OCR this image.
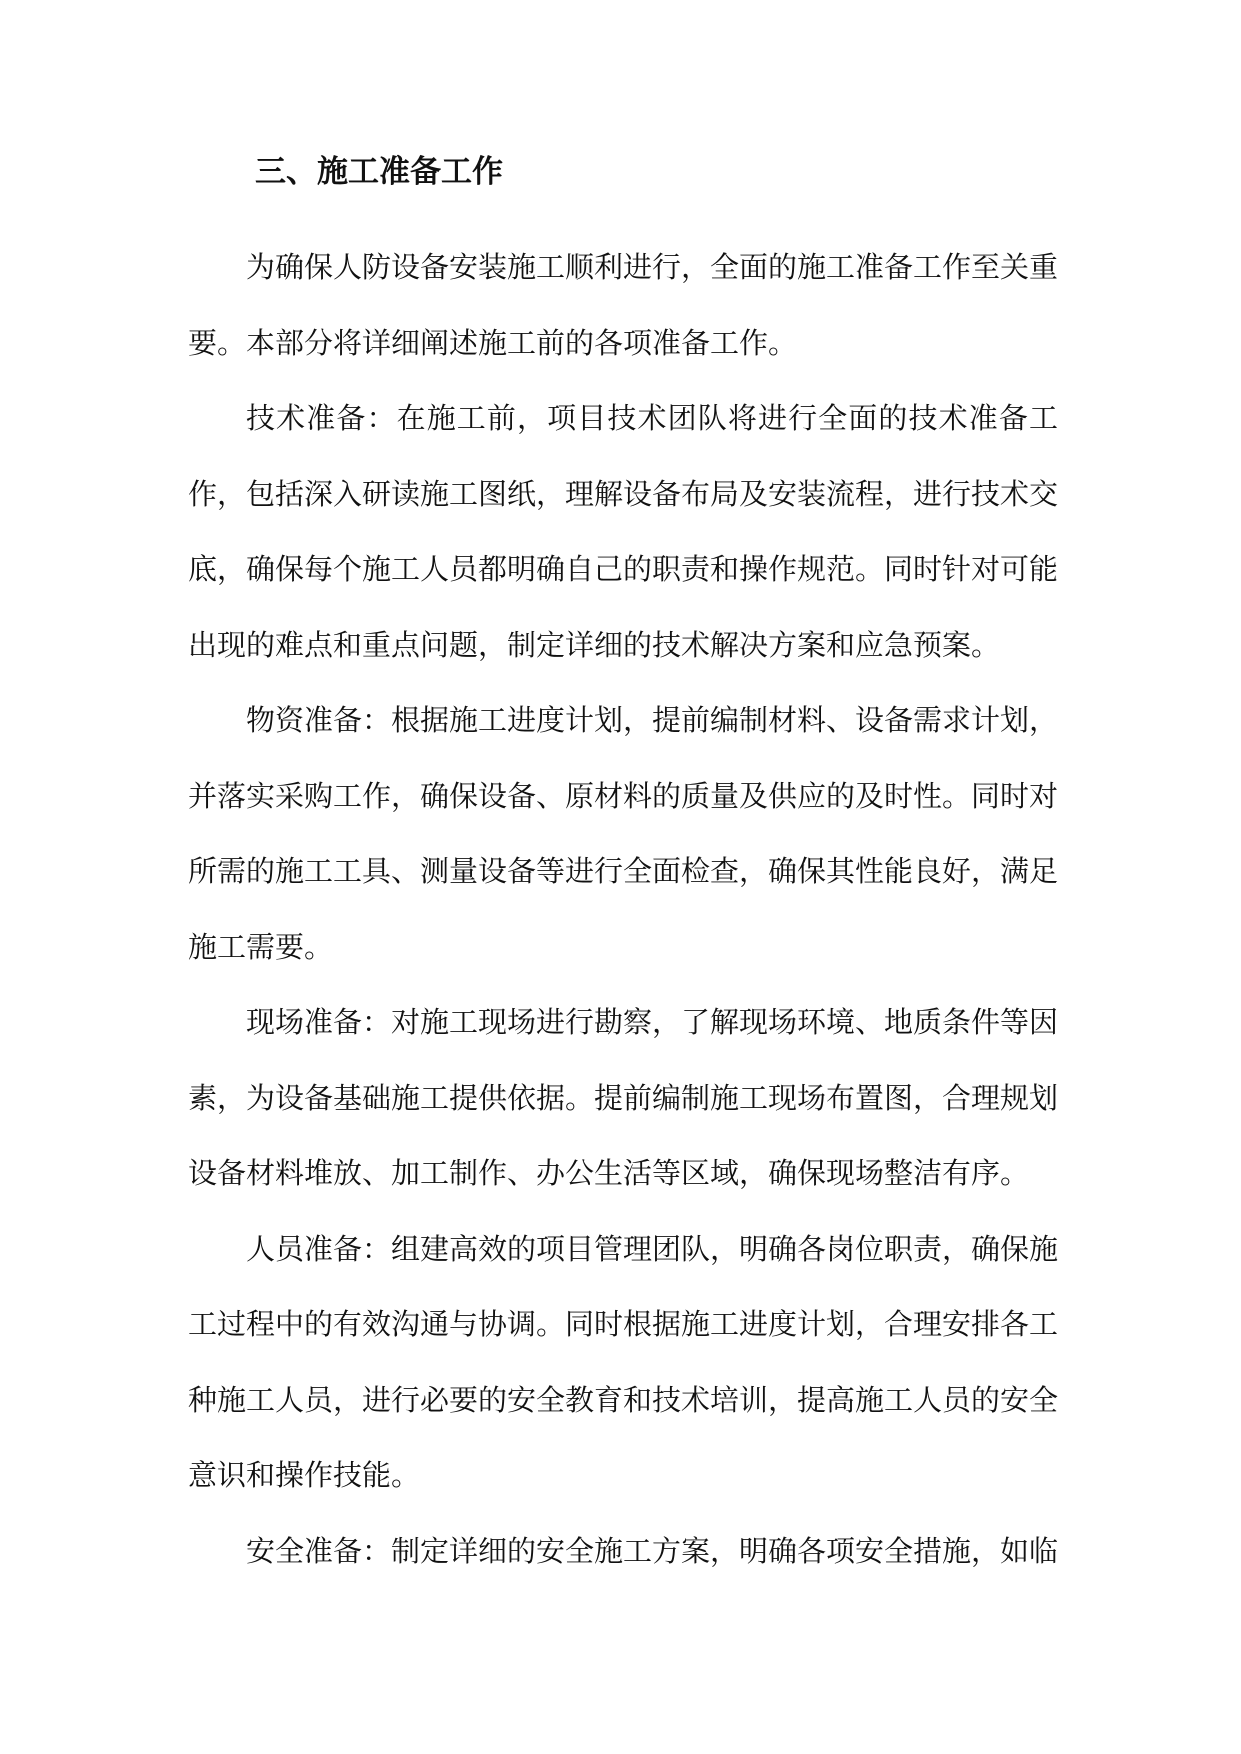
三、施工准备工作

为确保人防设备安装施工顺利进行，全面的施工准备工作至关重要。本部分将详细阐述施工前的各项准备工作。

技术准备：在施工前，项目技术团队将进行全面的技术准备工作，包括深入研读施工图纸，理解设备布局及安装流程，进行技术交底，确保每个施工人员都明确自己的职责和操作规范。同时针对可能出现的难点和重点问题，制定详细的技术解决方案和应急预案。

物资准备：根据施工进度计划，提前编制材料、设备需求计划，并落实采购工作，确保设备、原材料的质量及供应的及时性。同时对所需的施工工具、测量设备等进行全面检查，确保其性能良好，满足施工需要。

现场准备：对施工现场进行勘察，了解现场环境、地质条件等因素，为设备基础施工提供依据。提前编制施工现场布置图，合理规划设备材料堆放、加工制作、办公生活等区域，确保现场整洁有序。

人员准备：组建高效的项目管理团队，明确各岗位职责，确保施工过程中的有效沟通与协调。同时根据施工进度计划，合理安排各工种施工人员，进行必要的安全教育和技术培训，提高施工人员的安全意识和操作技能。

安全准备：制定详细的安全施工方案，明确各项安全措施，如临
